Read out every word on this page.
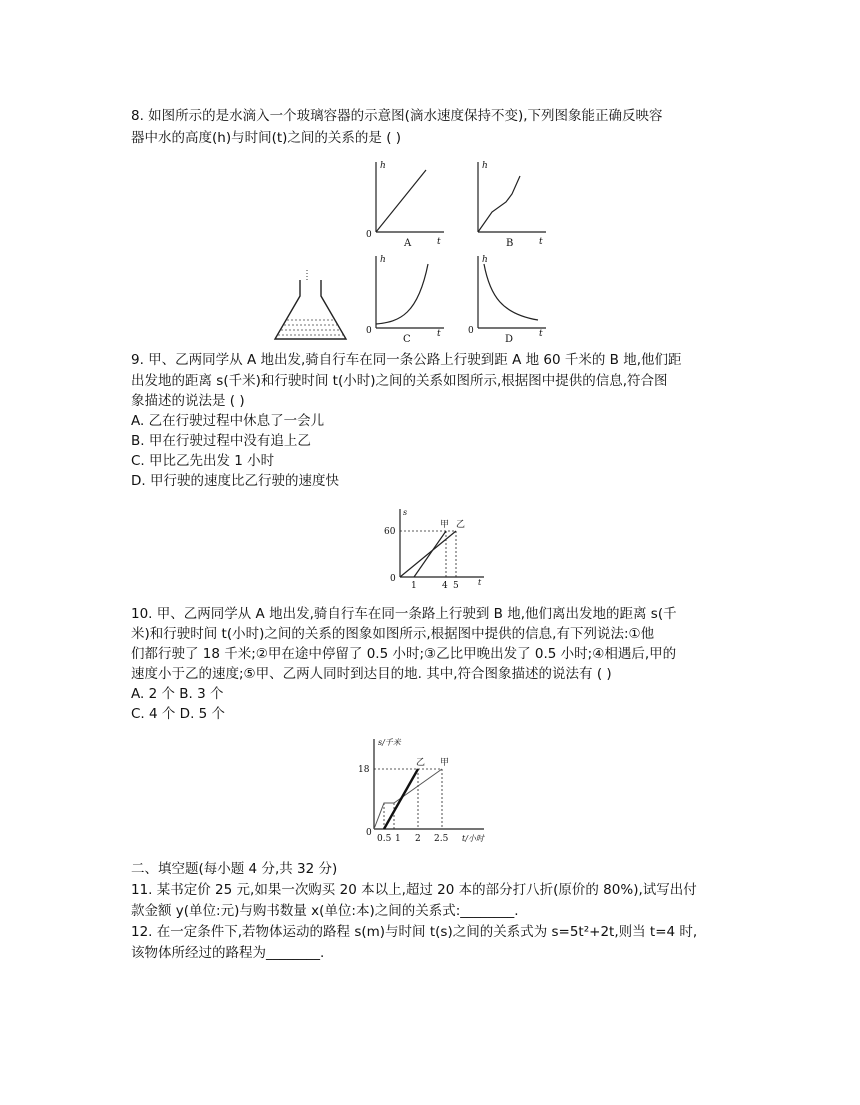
8. 如图所示的是水滴入一个玻璃容器的示意图(滴水速度保持不变),下列图象能正确反映容
器中水的高度(h)与时间(t)之间的关系的是 ( )
h
t
0
A
h
t
B
h
t
0
C
h
t
0
D
9. 甲、乙两同学从 A 地出发,骑自行车在同一条公路上行驶到距 A 地 60 千米的 B 地,他们距
出发地的距离 s(千米)和行驶时间 t(小时)之间的关系如图所示,根据图中提供的信息,符合图
象描述的说法是 ( )
A. 乙在行驶过程中休息了一会儿
B. 甲在行驶过程中没有追上乙
C. 甲比乙先出发 1 小时
D. 甲行驶的速度比乙行驶的速度快
s
t
60
0
1	4 5
甲 乙
10. 甲、乙两同学从 A 地出发,骑自行车在同一条路上行驶到 B 地,他们离出发地的距离 s(千
米)和行驶时间 t(小时)之间的关系的图象如图所示,根据图中提供的信息,有下列说法:①他
们都行驶了 18 千米;②甲在途中停留了 0.5 小时;③乙比甲晚出发了 0.5 小时;④相遇后,甲的
速度小于乙的速度;⑤甲、乙两人同时到达目的地. 其中,符合图象描述的说法有 ( )
A. 2 个 B. 3 个
C. 4 个 D. 5 个
s/千米
t/小时
18
0
0.5 1 2 2.5
乙 甲
二、填空题(每小题 4 分,共 32 分)
11. 某书定价 25 元,如果一次购买 20 本以上,超过 20 本的部分打八折(原价的 80%),试写出付
款金额 y(单位:元)与购书数量 x(单位:本)之间的关系式:________.
12. 在一定条件下,若物体运动的路程 s(m)与时间 t(s)之间的关系式为 s=5t²+2t,则当 t=4 时,
该物体所经过的路程为________.
